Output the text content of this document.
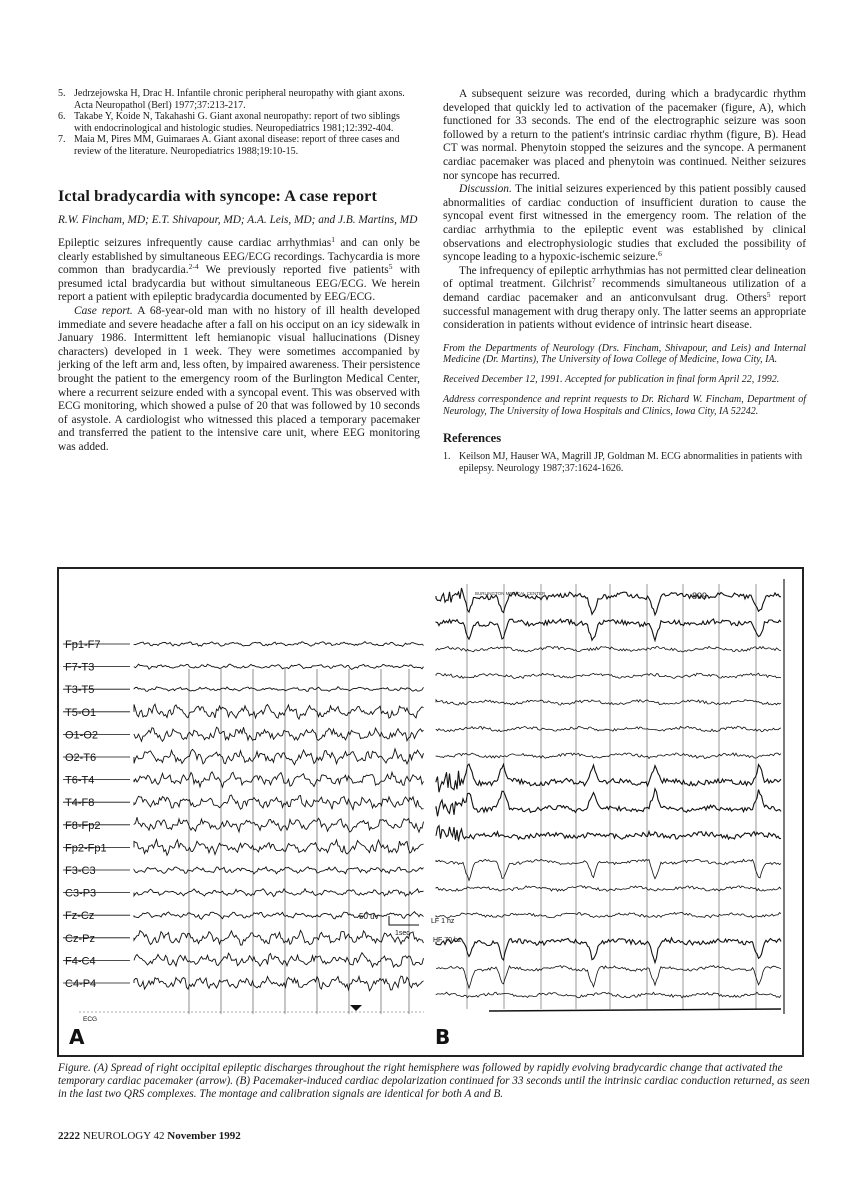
5. Jedrzejowska H, Drac H. Infantile chronic peripheral neuropathy with giant axons. Acta Neuropathol (Berl) 1977;37:213-217.

6. Takabe Y, Koide N, Takahashi G. Giant axonal neuropathy: report of two siblings with endocrinological and histologic studies. Neuropediatrics 1981;12:392-404.

7. Maia M, Pires MM, Guimaraes A. Giant axonal disease: report of three cases and review of the literature. Neuropediatrics 1988;19:10-15.

Ictal bradycardia with syncope: A case report

R.W. Fincham, MD; E.T. Shivapour, MD; A.A. Leis, MD; and J.B. Martins, MD

Epileptic seizures infrequently cause cardiac arrhythmias$^1$ and can only be clearly established by simultaneous EEG/ECG recordings. Tachycardia is more common than bradycardia.$^{2-4}$ We previously reported five patients$^5$ with presumed ictal bradycardia but without simultaneous EEG/ECG. We herein report a patient with epileptic bradycardia documented by EEG/ECG.

Case report. A 68-year-old man with no history of ill health developed immediate and severe headache after a fall on his occiput on an icy sidewalk in January 1986. Intermittent left hemianopic visual hallucinations (Disney characters) developed in 1 week. They were sometimes accompanied by jerking of the left arm and, less often, by impaired awareness. Their persistence brought the patient to the emergency room of the Burlington Medical Center, where a recurrent seizure ended with a syncopal event. This was observed with ECG monitoring, which showed a pulse of 20 that was followed by 10 seconds of asystole. A cardiologist who witnessed this placed a temporary pacemaker and transferred the patient to the intensive care unit, where EEG monitoring was added.

A subsequent seizure was recorded, during which a bradycardic rhythm developed that quickly led to activation of the pacemaker (figure, A), which functioned for 33 seconds. The end of the electrographic seizure was soon followed by a return to the patient's intrinsic cardiac rhythm (figure, B). Head CT was normal. Phenytoin stopped the seizures and the syncope. A permanent cardiac pacemaker was placed and phenytoin was continued. Neither seizures nor syncope has recurred.

Discussion. The initial seizures experienced by this patient possibly caused abnormalities of cardiac conduction of insufficient duration to cause the syncopal event first witnessed in the emergency room. The relation of the cardiac arrhythmia to the epileptic event was established by clinical observations and electrophysiologic studies that excluded the possibility of syncope leading to a hypoxic-ischemic seizure.$^6$

The infrequency of epileptic arrhythmias has not permitted clear delineation of optimal treatment. Gilchrist$^7$ recommends simultaneous utilization of a demand cardiac pacemaker and an anticonvulsant drug. Others$^5$ report successful management with drug therapy only. The latter seems an appropriate consideration in patients without evidence of intrinsic heart disease.

From the Departments of Neurology (Drs. Fincham, Shivapour, and Leis) and Internal Medicine (Dr. Martins), The University of Iowa College of Medicine, Iowa City, IA.

Received December 12, 1991. Accepted for publication in final form April 22, 1992.

Address correspondence and reprint requests to Dr. Richard W. Fincham, Department of Neurology, The University of Iowa Hospitals and Clinics, Iowa City, IA 52242.

References

1. Keilson MJ, Hauser WA, Magrill JP, Goldman M. ECG abnormalities in patients with epilepsy. Neurology 1987;37:1624-1626.

Fp1-F7
F7-T3
T3-T5
T5-O1
O1-O2
O2-T6
T6-T4
T4-F8
F8-Fp2
Fp2-Fp1
F3-C3
C3-P3
Fz-Cz
Cz-Pz
F4-C4
C4-P4
ECG
50 uv
1sec
LF 1 hz
HF 70 hz
899
BURLINGTON MEDICAL CENTER
A	B
Figure. (A) Spread of right occipital epileptic discharges throughout the right hemisphere was followed by rapidly evolving bradycardic change that activated the temporary cardiac pacemaker (arrow). (B) Pacemaker-induced cardiac depolarization continued for 33 seconds until the intrinsic cardiac conduction returned, as seen in the last two QRS complexes. The montage and calibration signals are identical for both A and B.
2222 NEUROLOGY 42 November 1992
